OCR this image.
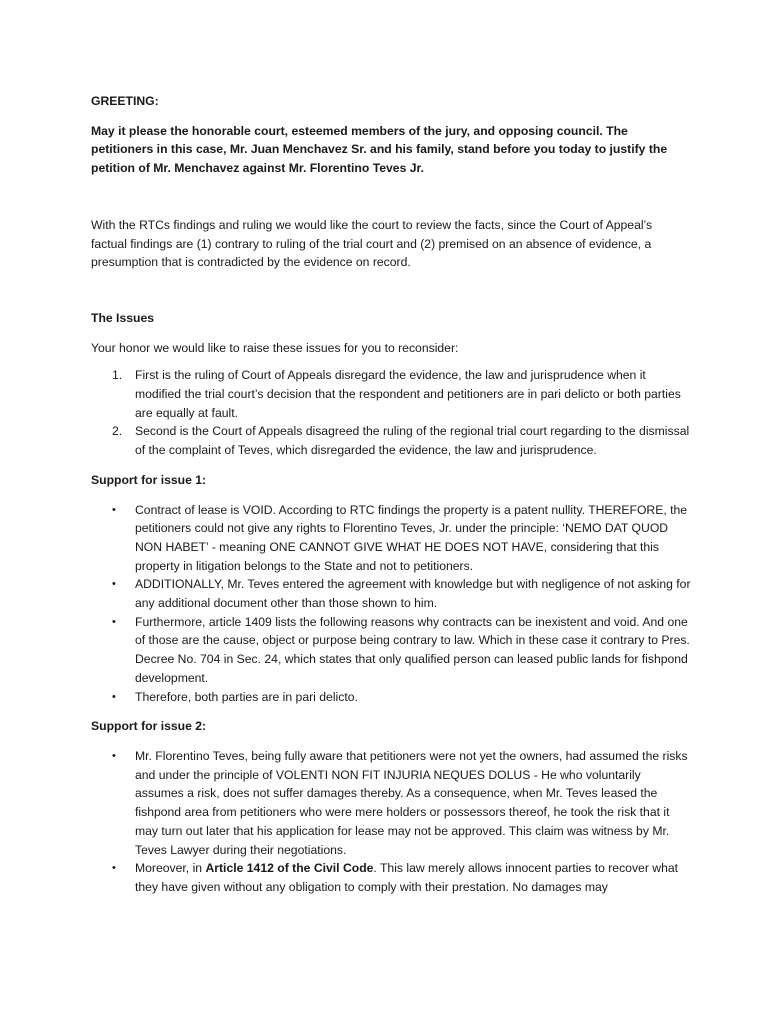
GREETING:

May it please the honorable court, esteemed members of the jury, and opposing council. The petitioners in this case, Mr. Juan Menchavez Sr. and his family, stand before you today to justify the petition of Mr. Menchavez against Mr. Florentino Teves Jr.

With the RTCs findings and ruling we would like the court to review the facts, since the Court of Appeal’s factual findings are (1) contrary to ruling of the trial court and (2) premised on an absence of evidence, a presumption that is contradicted by the evidence on record.

The Issues

Your honor we would like to raise these issues for you to reconsider:

1. First is the ruling of Court of Appeals disregard the evidence, the law and jurisprudence when it modified the trial court’s decision that the respondent and petitioners are in pari delicto or both parties are equally at fault.
2. Second is the Court of Appeals disagreed the ruling of the regional trial court regarding to the dismissal of the complaint of Teves, which disregarded the evidence, the law and jurisprudence.

Support for issue 1:

• Contract of lease is VOID. According to RTC findings the property is a patent nullity. THEREFORE, the petitioners could not give any rights to Florentino Teves, Jr. under the principle: ‘NEMO DAT QUOD NON HABET’ - meaning ONE CANNOT GIVE WHAT HE DOES NOT HAVE, considering that this property in litigation belongs to the State and not to petitioners.
• ADDITIONALLY, Mr. Teves entered the agreement with knowledge but with negligence of not asking for any additional document other than those shown to him.
• Furthermore, article 1409 lists the following reasons why contracts can be inexistent and void. And one of those are the cause, object or purpose being contrary to law. Which in these case it contrary to Pres. Decree No. 704 in Sec. 24, which states that only qualified person can leased public lands for fishpond development.
• Therefore, both parties are in pari delicto.

Support for issue 2:

• Mr. Florentino Teves, being fully aware that petitioners were not yet the owners, had assumed the risks and under the principle of VOLENTI NON FIT INJURIA NEQUES DOLUS - He who voluntarily assumes a risk, does not suffer damages thereby. As a consequence, when Mr. Teves leased the fishpond area from petitioners who were mere holders or possessors thereof, he took the risk that it may turn out later that his application for lease may not be approved. This claim was witness by Mr. Teves Lawyer during their negotiations.
• Moreover, in Article 1412 of the Civil Code. This law merely allows innocent parties to recover what they have given without any obligation to comply with their prestation. No damages may
